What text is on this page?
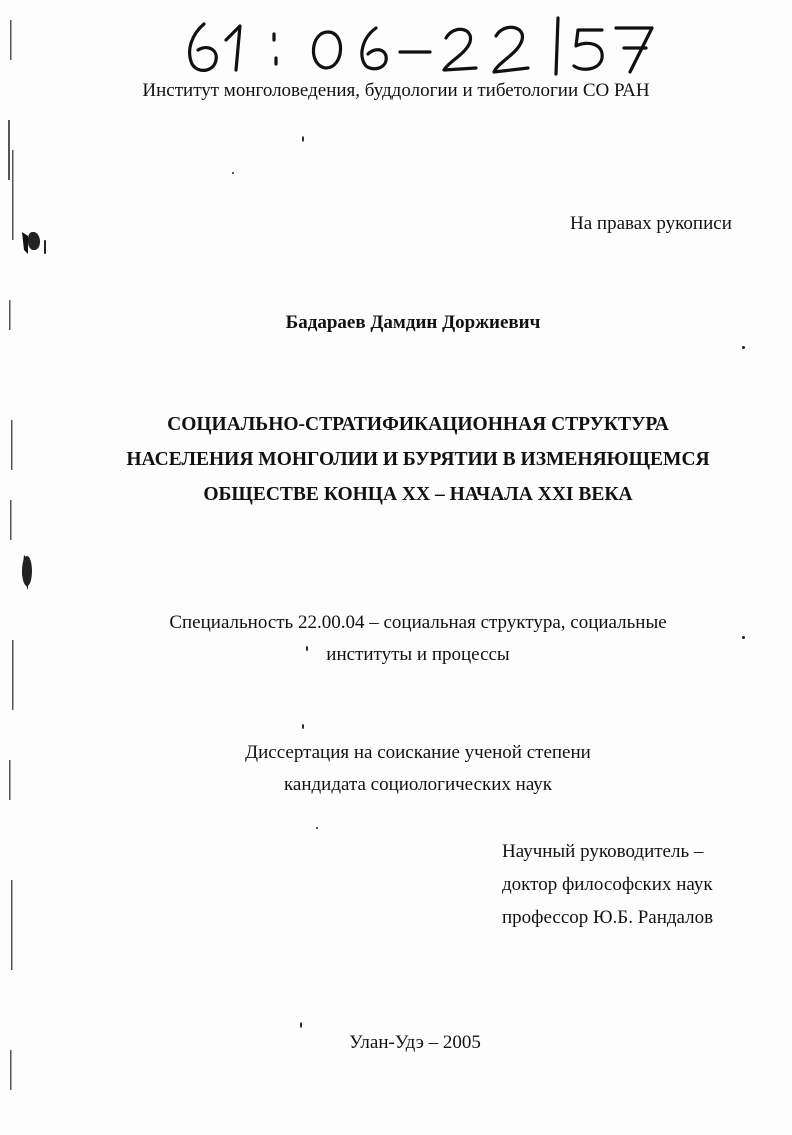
Институт монголоведения, буддологии и тибетологии СО РАН
На правах рукописи
Бадараев Дамдин Доржиевич
СОЦИАЛЬНО-СТРАТИФИКАЦИОННАЯ СТРУКТУРА
НАСЕЛЕНИЯ МОНГОЛИИ И БУРЯТИИ В ИЗМЕНЯЮЩЕМСЯ
ОБЩЕСТВЕ КОНЦА XX – НАЧАЛА XXI ВЕКА
Специальность 22.00.04 – социальная структура, социальные
институты и процессы
Диссертация на соискание ученой степени
кандидата социологических наук
Научный руководитель –
доктор философских наук
профессор Ю.Б. Рандалов
Улан-Удэ – 2005
